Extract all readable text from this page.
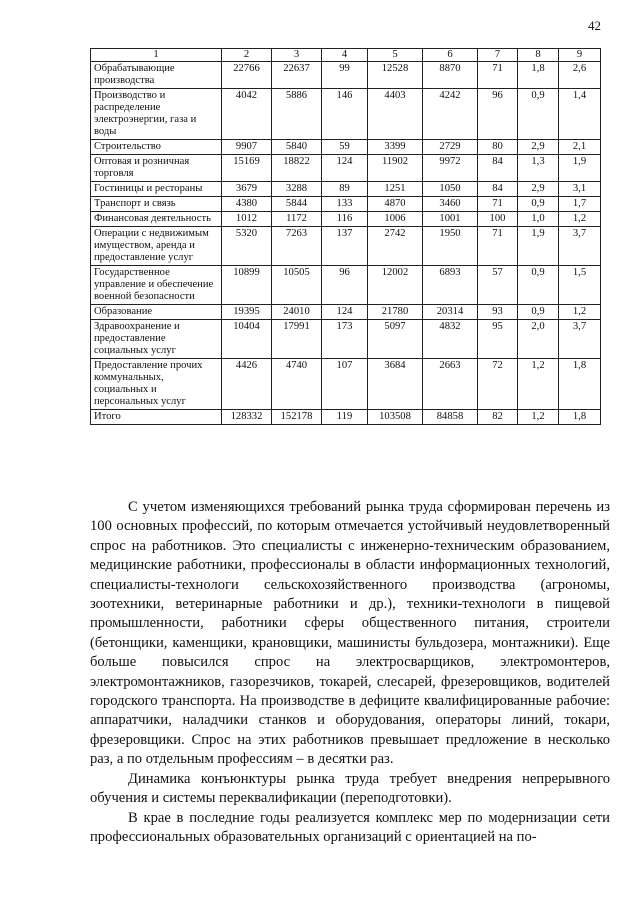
42
1	2	3	4	5	6	7	8	9
Обрабатывающие производства	22766	22637	99	12528	8870	71	1,8	2,6
Производство и распределение электроэнергии, газа и воды	4042	5886	146	4403	4242	96	0,9	1,4
Строительство	9907	5840	59	3399	2729	80	2,9	2,1
Оптовая и розничная торговля	15169	18822	124	11902	9972	84	1,3	1,9
Гостиницы и рестораны	3679	3288	89	1251	1050	84	2,9	3,1
Транспорт и связь	4380	5844	133	4870	3460	71	0,9	1,7
Финансовая деятельность	1012	1172	116	1006	1001	100	1,0	1,2
Операции с недвижимым имуществом, аренда и предоставление услуг	5320	7263	137	2742	1950	71	1,9	3,7
Государственное управление и обеспечение военной безопасности	10899	10505	96	12002	6893	57	0,9	1,5
Образование	19395	24010	124	21780	20314	93	0,9	1,2
Здравоохранение и предоставление социальных услуг	10404	17991	173	5097	4832	95	2,0	3,7
Предоставление прочих коммунальных, социальных и персональных услуг	4426	4740	107	3684	2663	72	1,2	1,8
Итого	128332	152178	119	103508	84858	82	1,2	1,8

С учетом изменяющихся требований рынка труда сформирован перечень из 100 основных профессий, по которым отмечается устойчивый неудовлетворенный спрос на работников. Это специалисты с инженерно-техническим образованием, медицинские работники, профессионалы в области информационных технологий, специалисты-технологи сельскохозяйственного производства (агрономы, зоотехники, ветеринарные работники и др.), техники-технологи в пищевой промышленности, работники сферы общественного питания, строители (бетонщики, каменщики, крановщики, машинисты бульдозера, монтажники). Еще больше повысился спрос на электросварщиков, электромонтеров, электромонтажников, газорезчиков, токарей, слесарей, фрезеровщиков, водителей городского транспорта. На производстве в дефиците квалифицированные рабочие: аппаратчики, наладчики станков и оборудования, операторы линий, токари, фрезеровщики. Спрос на этих работников превышает предложение в несколько раз, а по отдельным профессиям – в десятки раз.

Динамика конъюнктуры рынка труда требует внедрения непрерывного обучения и системы переквалификации (переподготовки).

В крае в последние годы реализуется комплекс мер по модернизации сети профессиональных образовательных организаций с ориентацией на по-
